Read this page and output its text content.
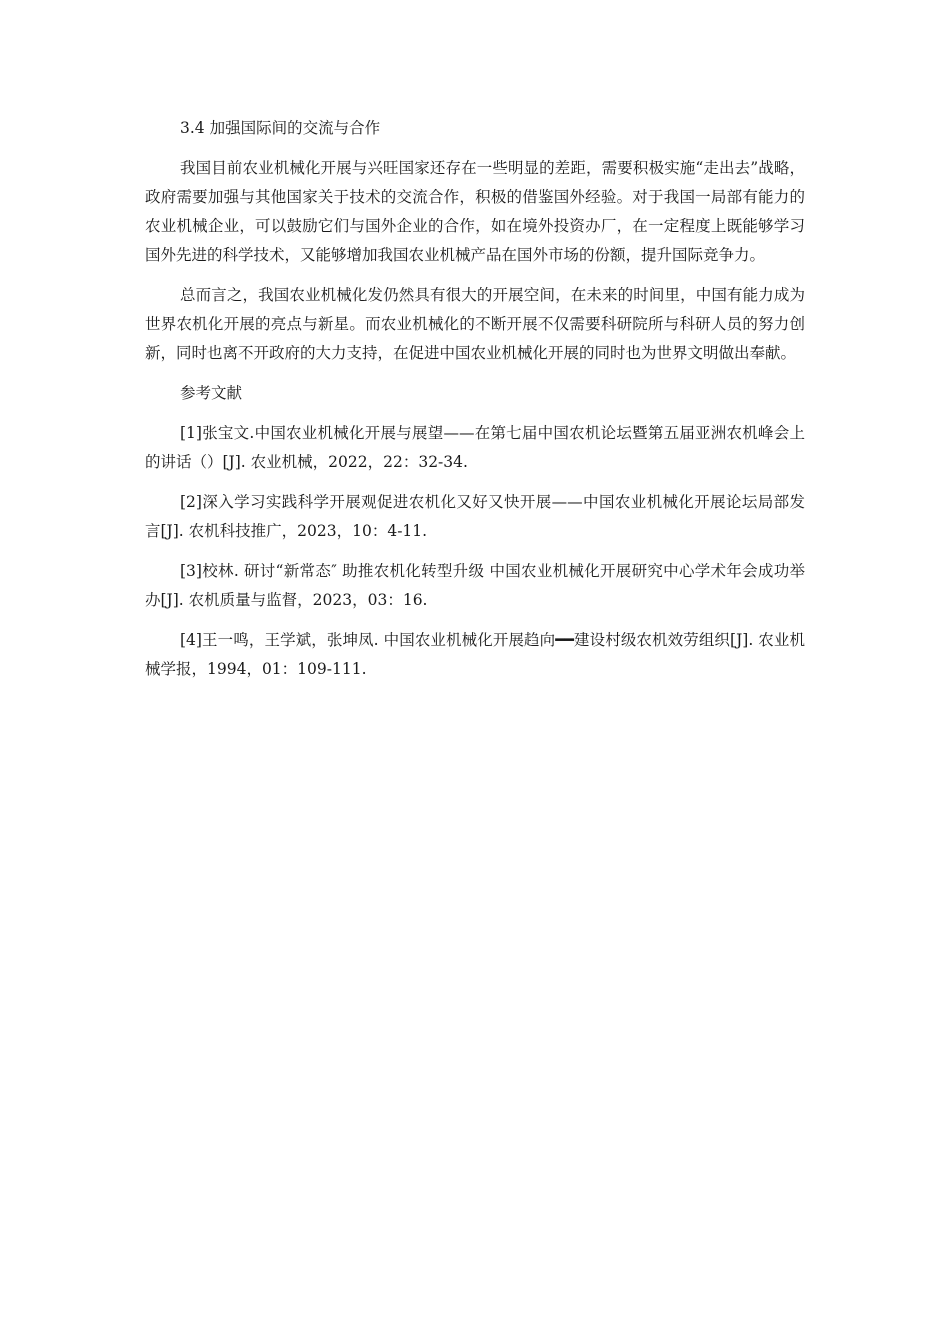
3.4 加强国际间的交流与合作

我国目前农业机械化开展与兴旺国家还存在一些明显的差距，需要积极实施“走出去”战略，政府需要加强与其他国家关于技术的交流合作，积极的借鉴国外经验。对于我国一局部有能力的农业机械企业，可以鼓励它们与国外企业的合作，如在境外投资办厂，在一定程度上既能够学习国外先进的科学技术，又能够增加我国农业机械产品在国外市场的份额，提升国际竞争力。

总而言之，我国农业机械化发仍然具有很大的开展空间，在未来的时间里，中国有能力成为世界农机化开展的亮点与新星。而农业机械化的不断开展不仅需要科研院所与科研人员的努力创新，同时也离不开政府的大力支持，在促进中国农业机械化开展的同时也为世界文明做出奉献。

参考文献

[1]张宝文.中国农业机械化开展与展望——在第七届中国农机论坛暨第五届亚洲农机峰会上的讲话（）[J]. 农业机械，2022，22：32-34.

[2]深入学习实践科学开展观促进农机化又好又快开展——中国农业机械化开展论坛局部发言[J]. 农机科技推广，2023，10：4-11.

[3]校林. 研讨“新常态″ 助推农机化转型升级 中国农业机械化开展研究中心学术年会成功举办[J]. 农机质量与监督，2023，03：16.

[4]王一鸣，王学斌，张坤凤. 中国农业机械化开展趋向━━建设村级农机效劳组织[J]. 农业机械学报，1994，01：109-111.
